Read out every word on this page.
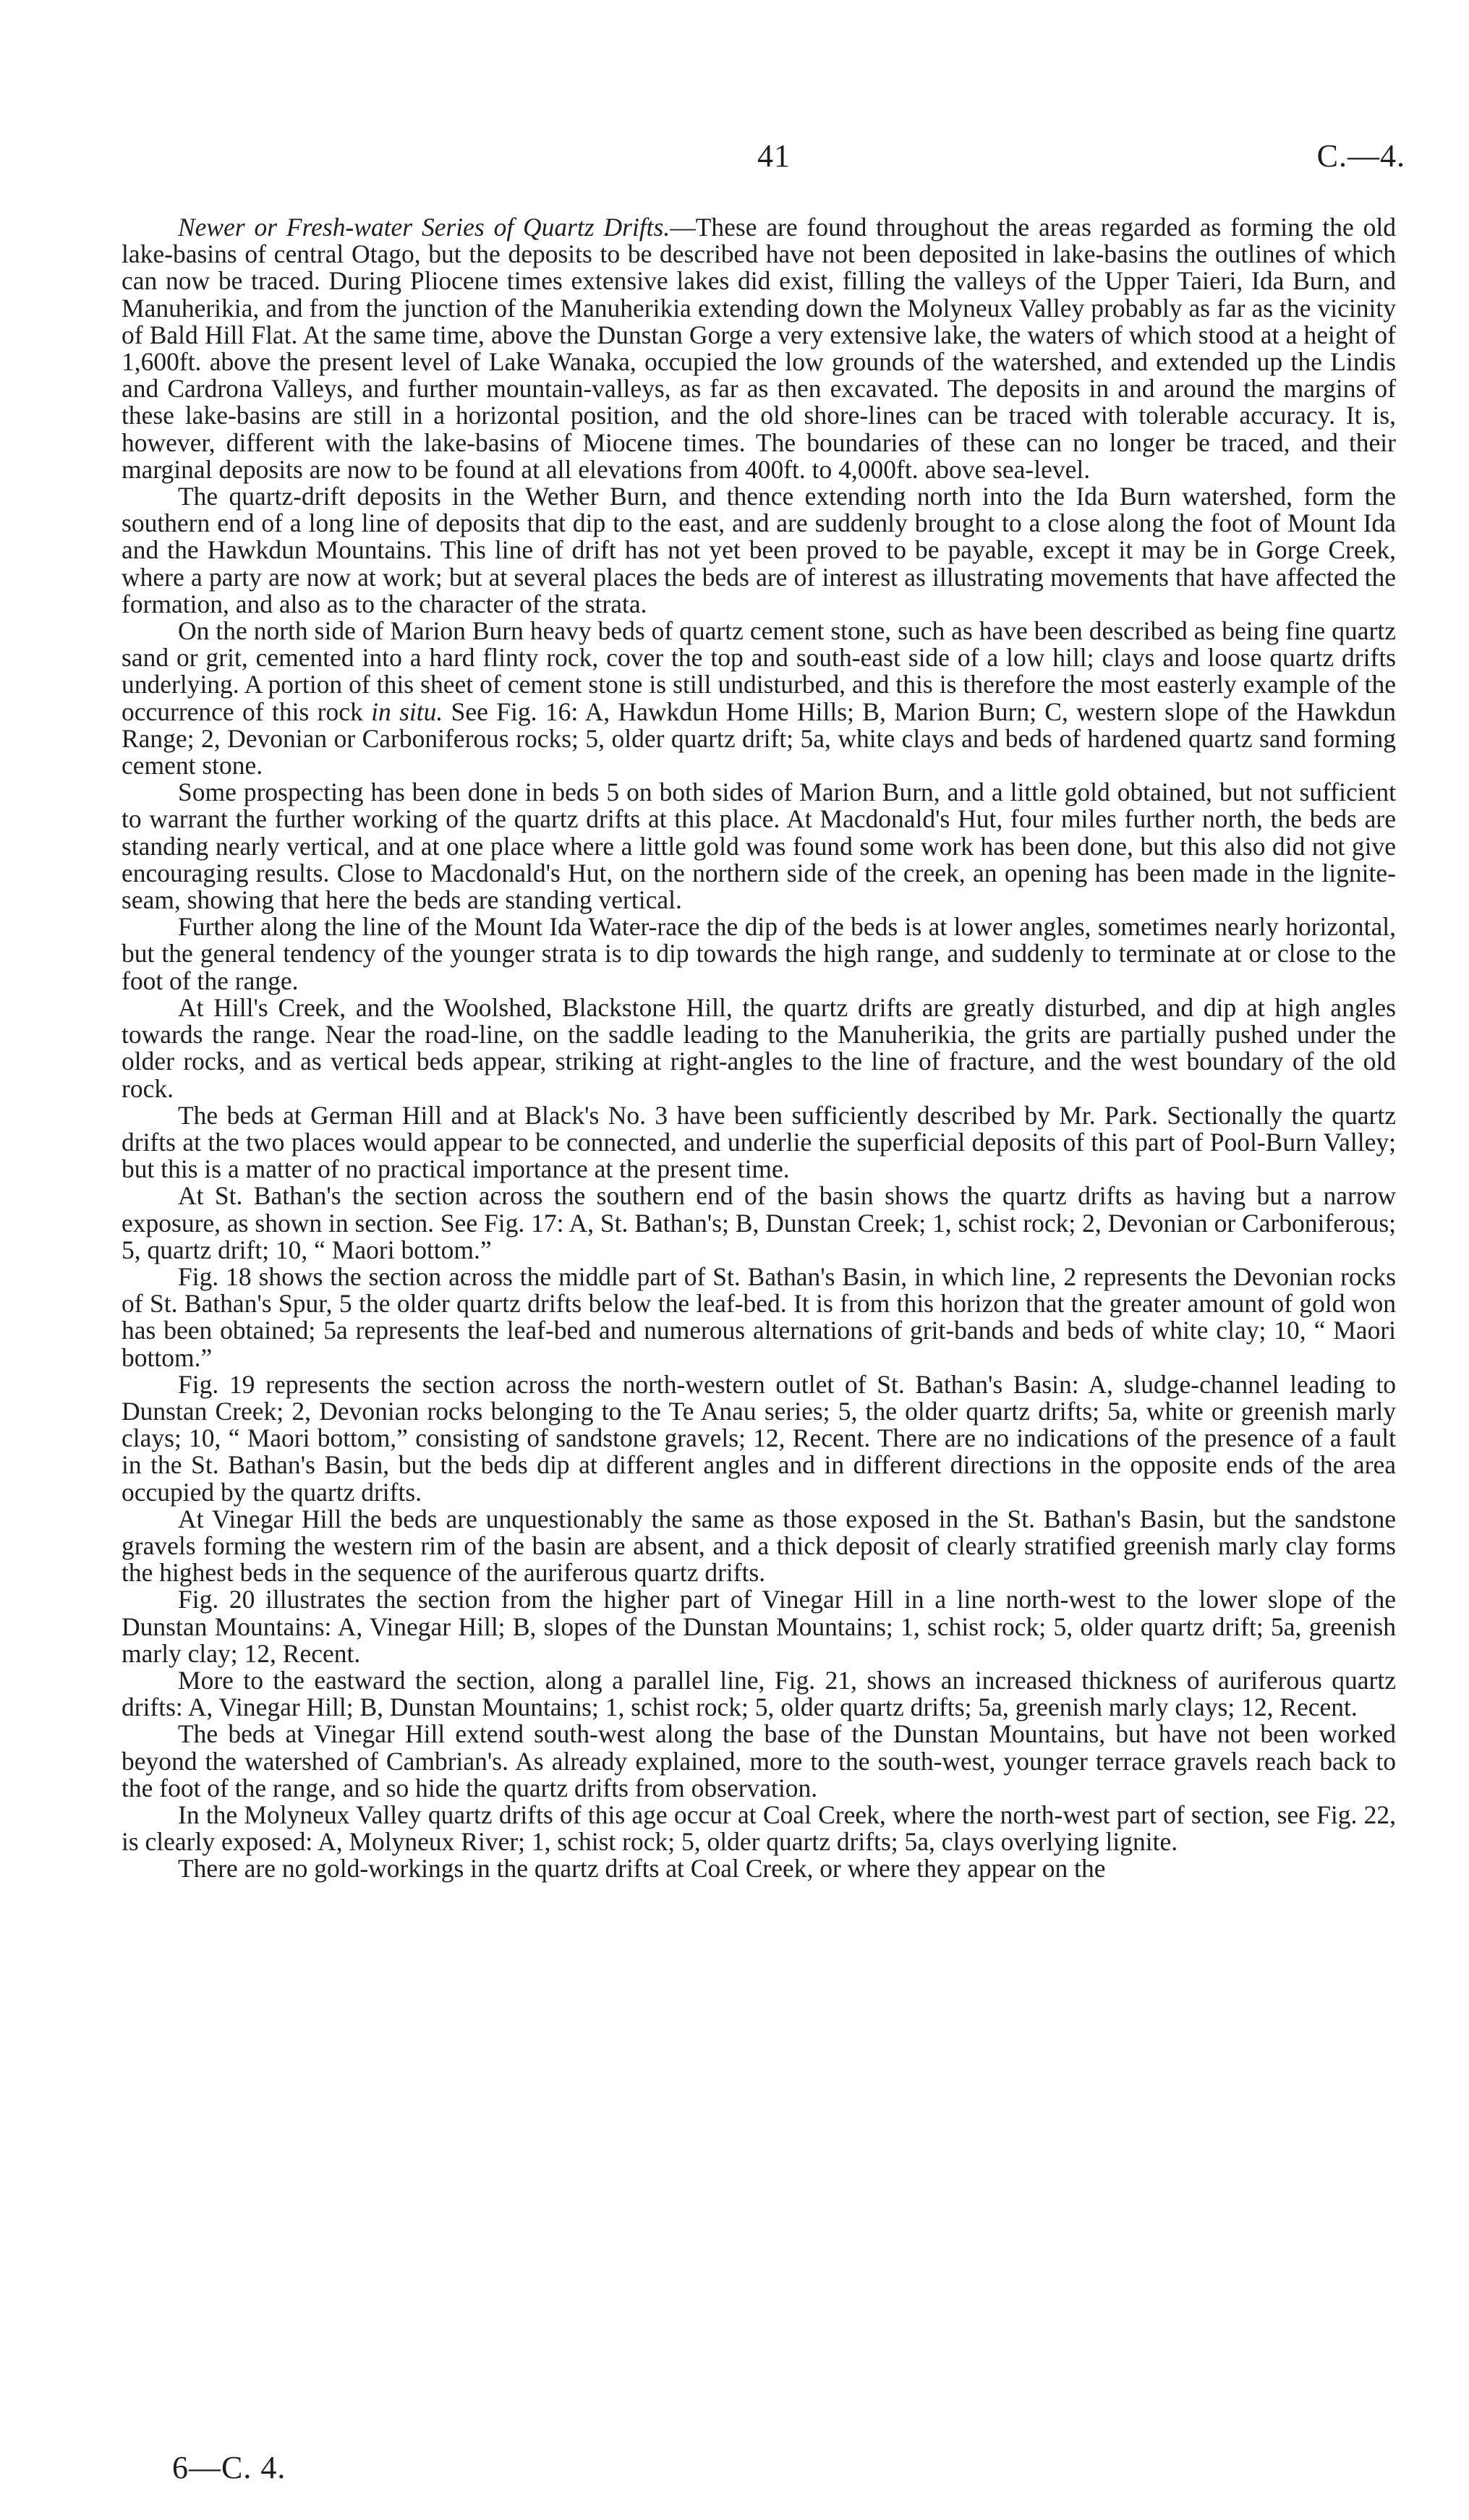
41	C.—4.

Newer or Fresh-water Series of Quartz Drifts.—These are found throughout the areas regarded as forming the old lake-basins of central Otago, but the deposits to be described have not been deposited in lake-basins the outlines of which can now be traced. During Pliocene times extensive lakes did exist, filling the valleys of the Upper Taieri, Ida Burn, and Manuherikia, and from the junction of the Manuherikia extending down the Molyneux Valley probably as far as the vicinity of Bald Hill Flat. At the same time, above the Dunstan Gorge a very extensive lake, the waters of which stood at a height of 1,600ft. above the present level of Lake Wanaka, occupied the low grounds of the watershed, and extended up the Lindis and Cardrona Valleys, and further mountain-valleys, as far as then excavated. The deposits in and around the margins of these lake-basins are still in a horizontal position, and the old shore-lines can be traced with tolerable accuracy. It is, however, different with the lake-basins of Miocene times. The boundaries of these can no longer be traced, and their marginal deposits are now to be found at all elevations from 400ft. to 4,000ft. above sea-level.

The quartz-drift deposits in the Wether Burn, and thence extending north into the Ida Burn watershed, form the southern end of a long line of deposits that dip to the east, and are suddenly brought to a close along the foot of Mount Ida and the Hawkdun Mountains. This line of drift has not yet been proved to be payable, except it may be in Gorge Creek, where a party are now at work; but at several places the beds are of interest as illustrating movements that have affected the formation, and also as to the character of the strata.

On the north side of Marion Burn heavy beds of quartz cement stone, such as have been described as being fine quartz sand or grit, cemented into a hard flinty rock, cover the top and south-east side of a low hill; clays and loose quartz drifts underlying. A portion of this sheet of cement stone is still undisturbed, and this is therefore the most easterly example of the occurrence of this rock in situ. See Fig. 16: A, Hawkdun Home Hills; B, Marion Burn; C, western slope of the Hawkdun Range; 2, Devonian or Carboniferous rocks; 5, older quartz drift; 5a, white clays and beds of hardened quartz sand forming cement stone.

Some prospecting has been done in beds 5 on both sides of Marion Burn, and a little gold obtained, but not sufficient to warrant the further working of the quartz drifts at this place. At Macdonald's Hut, four miles further north, the beds are standing nearly vertical, and at one place where a little gold was found some work has been done, but this also did not give encouraging results. Close to Macdonald's Hut, on the northern side of the creek, an opening has been made in the lignite-seam, showing that here the beds are standing vertical.

Further along the line of the Mount Ida Water-race the dip of the beds is at lower angles, sometimes nearly horizontal, but the general tendency of the younger strata is to dip towards the high range, and suddenly to terminate at or close to the foot of the range.

At Hill's Creek, and the Woolshed, Blackstone Hill, the quartz drifts are greatly disturbed, and dip at high angles towards the range. Near the road-line, on the saddle leading to the Manuherikia, the grits are partially pushed under the older rocks, and as vertical beds appear, striking at right-angles to the line of fracture, and the west boundary of the old rock.

The beds at German Hill and at Black's No. 3 have been sufficiently described by Mr. Park. Sectionally the quartz drifts at the two places would appear to be connected, and underlie the superficial deposits of this part of Pool-Burn Valley; but this is a matter of no practical importance at the present time.

At St. Bathan's the section across the southern end of the basin shows the quartz drifts as having but a narrow exposure, as shown in section. See Fig. 17: A, St. Bathan's; B, Dunstan Creek; 1, schist rock; 2, Devonian or Carboniferous; 5, quartz drift; 10, “ Maori bottom.”

Fig. 18 shows the section across the middle part of St. Bathan's Basin, in which line, 2 represents the Devonian rocks of St. Bathan's Spur, 5 the older quartz drifts below the leaf-bed. It is from this horizon that the greater amount of gold won has been obtained; 5a represents the leaf-bed and numerous alternations of grit-bands and beds of white clay; 10, “ Maori bottom.”

Fig. 19 represents the section across the north-western outlet of St. Bathan's Basin: A, sludge-channel leading to Dunstan Creek; 2, Devonian rocks belonging to the Te Anau series; 5, the older quartz drifts; 5a, white or greenish marly clays; 10, “ Maori bottom,” consisting of sandstone gravels; 12, Recent. There are no indications of the presence of a fault in the St. Bathan's Basin, but the beds dip at different angles and in different directions in the opposite ends of the area occupied by the quartz drifts.

At Vinegar Hill the beds are unquestionably the same as those exposed in the St. Bathan's Basin, but the sandstone gravels forming the western rim of the basin are absent, and a thick deposit of clearly stratified greenish marly clay forms the highest beds in the sequence of the auriferous quartz drifts.

Fig. 20 illustrates the section from the higher part of Vinegar Hill in a line north-west to the lower slope of the Dunstan Mountains: A, Vinegar Hill; B, slopes of the Dunstan Mountains; 1, schist rock; 5, older quartz drift; 5a, greenish marly clay; 12, Recent.

More to the eastward the section, along a parallel line, Fig. 21, shows an increased thickness of auriferous quartz drifts: A, Vinegar Hill; B, Dunstan Mountains; 1, schist rock; 5, older quartz drifts; 5a, greenish marly clays; 12, Recent.

The beds at Vinegar Hill extend south-west along the base of the Dunstan Mountains, but have not been worked beyond the watershed of Cambrian's. As already explained, more to the south-west, younger terrace gravels reach back to the foot of the range, and so hide the quartz drifts from observation.

In the Molyneux Valley quartz drifts of this age occur at Coal Creek, where the north-west part of section, see Fig. 22, is clearly exposed: A, Molyneux River; 1, schist rock; 5, older quartz drifts; 5a, clays overlying lignite.

There are no gold-workings in the quartz drifts at Coal Creek, or where they appear on the

6—C. 4.
